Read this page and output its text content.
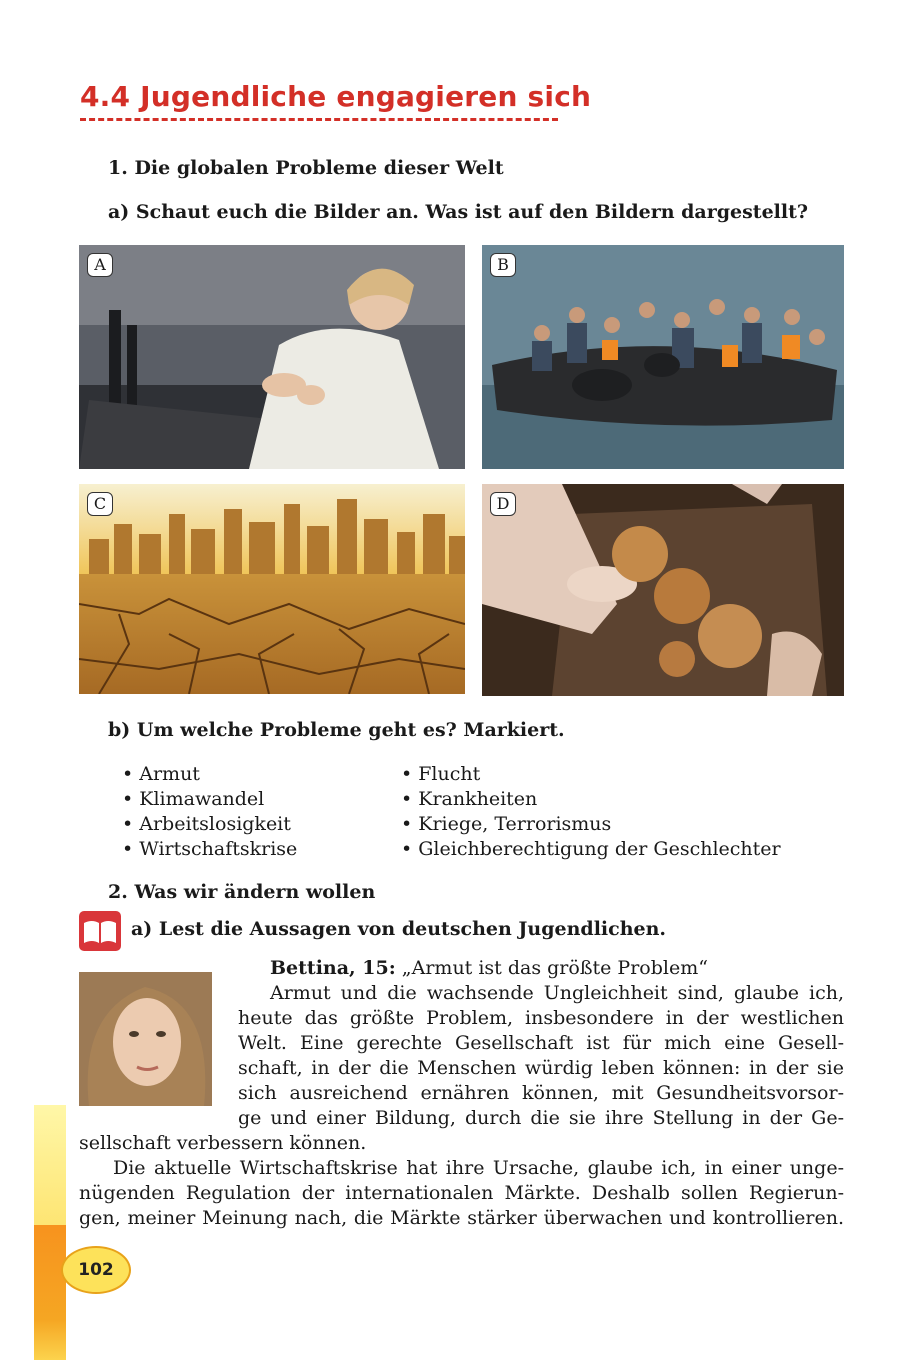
4.4 Jugendliche engagieren sich
1. Die globalen Probleme dieser Welt
a) Schaut euch die Bilder an. Was ist auf den Bildern dargestellt?
A	B
C	D
b) Um welche Probleme geht es? Markiert.
• Armut
• Klimawandel
• Arbeitslosigkeit
• Wirtschaftskrise
• Flucht
• Krankheiten
• Kriege, Terrorismus
• Gleichberechtigung der Geschlechter
2. Was wir ändern wollen
a) Lest die Aussagen von deutschen Jugendlichen.
Bettina, 15: „Armut ist das größte Problem“
Armut und die wachsende Ungleichheit sind, glaube ich,
heute das größte Problem, insbesondere in der westlichen
Welt. Eine gerechte Gesellschaft ist für mich eine Gesell-
schaft, in der die Menschen würdig leben können: in der sie
sich ausreichend ernähren können, mit Gesundheitsvorsor-
ge und einer Bildung, durch die sie ihre Stellung in der Ge-
sellschaft verbessern können.
Die aktuelle Wirtschaftskrise hat ihre Ursache, glaube ich, in einer unge-
nügenden Regulation der internationalen Märkte. Deshalb sollen Regierun-
gen, meiner Meinung nach, die Märkte stärker überwachen und kontrollieren.
102
